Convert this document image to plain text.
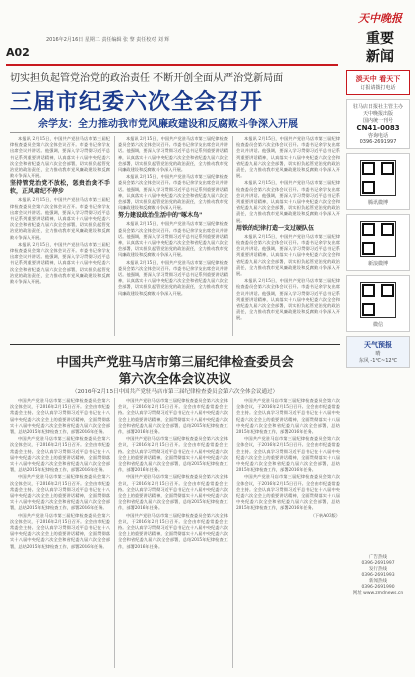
2016年2月16日 星期二 责任编辑 张 黎 责任校对 刘 辉
A02
天中晚报
重要
新闻
切实担负起管党治党的政治责任 不断开创全面从严治党新局面
三届市纪委六次全会召开
余学友：全力推动我市党风廉政建设和反腐败斗争深入开展

本报讯 2月15日，中国共产党驻马店市第三届纪律检查委员会第六次全体会议召开。市委书记余学友出席会议并讲话。他强调，要深入学习贯彻习近平总书记系列重要讲话精神，认真落实十八届中央纪委六次全会和省纪委九届六次全会部署，切实担负起管党治党的政治责任，全力推动我市党风廉政建设和反腐败斗争深入开展。

坚持管党治党不放松，惩贵治贪不手软，正风肃纪不停步

本报讯 2月15日，中国共产党驻马店市第三届纪律检查委员会第六次全体会议召开。市委书记余学友出席会议并讲话。他强调，要深入学习贯彻习近平总书记系列重要讲话精神，认真落实十八届中央纪委六次全会和省纪委九届六次全会部署，切实担负起管党治党的政治责任，全力推动我市党风廉政建设和反腐败斗争深入开展。

本报讯 2月15日，中国共产党驻马店市第三届纪律检查委员会第六次全体会议召开。市委书记余学友出席会议并讲话。他强调，要深入学习贯彻习近平总书记系列重要讲话精神，认真落实十八届中央纪委六次全会和省纪委九届六次全会部署，切实担负起管党治党的政治责任，全力推动我市党风廉政建设和反腐败斗争深入开展。

本报讯 2月15日，中国共产党驻马店市第三届纪律检查委员会第六次全体会议召开。市委书记余学友出席会议并讲话。他强调，要深入学习贯彻习近平总书记系列重要讲话精神，认真落实十八届中央纪委六次全会和省纪委九届六次全会部署，切实担负起管党治党的政治责任，全力推动我市党风廉政建设和反腐败斗争深入开展。

本报讯 2月15日，中国共产党驻马店市第三届纪律检查委员会第六次全体会议召开。市委书记余学友出席会议并讲话。他强调，要深入学习贯彻习近平总书记系列重要讲话精神，认真落实十八届中央纪委六次全会和省纪委九届六次全会部署，切实担负起管党治党的政治责任，全力推动我市党风廉政建设和反腐败斗争深入开展。

努力建设政治生活中的"啄木鸟"

本报讯 2月15日，中国共产党驻马店市第三届纪律检查委员会第六次全体会议召开。市委书记余学友出席会议并讲话。他强调，要深入学习贯彻习近平总书记系列重要讲话精神，认真落实十八届中央纪委六次全会和省纪委九届六次全会部署，切实担负起管党治党的政治责任，全力推动我市党风廉政建设和反腐败斗争深入开展。

本报讯 2月15日，中国共产党驻马店市第三届纪律检查委员会第六次全体会议召开。市委书记余学友出席会议并讲话。他强调，要深入学习贯彻习近平总书记系列重要讲话精神，认真落实十八届中央纪委六次全会和省纪委九届六次全会部署，切实担负起管党治党的政治责任，全力推动我市党风廉政建设和反腐败斗争深入开展。

本报讯 2月15日，中国共产党驻马店市第三届纪律检查委员会第六次全体会议召开。市委书记余学友出席会议并讲话。他强调，要深入学习贯彻习近平总书记系列重要讲话精神，认真落实十八届中央纪委六次全会和省纪委九届六次全会部署，切实担负起管党治党的政治责任，全力推动我市党风廉政建设和反腐败斗争深入开展。

本报讯 2月15日，中国共产党驻马店市第三届纪律检查委员会第六次全体会议召开。市委书记余学友出席会议并讲话。他强调，要深入学习贯彻习近平总书记系列重要讲话精神，认真落实十八届中央纪委六次全会和省纪委九届六次全会部署，切实担负起管党治党的政治责任，全力推动我市党风廉政建设和反腐败斗争深入开展。

用铁的纪律打造一支过硬队伍

本报讯 2月15日，中国共产党驻马店市第三届纪律检查委员会第六次全体会议召开。市委书记余学友出席会议并讲话。他强调，要深入学习贯彻习近平总书记系列重要讲话精神，认真落实十八届中央纪委六次全会和省纪委九届六次全会部署，切实担负起管党治党的政治责任，全力推动我市党风廉政建设和反腐败斗争深入开展。

本报讯 2月15日，中国共产党驻马店市第三届纪律检查委员会第六次全体会议召开。市委书记余学友出席会议并讲话。他强调，要深入学习贯彻习近平总书记系列重要讲话精神，认真落实十八届中央纪委六次全会和省纪委九届六次全会部署，切实担负起管党治党的政治责任，全力推动我市党风廉政建设和反腐败斗争深入开展。

中国共产党驻马店市第三届纪律检查委员会
第六次全体会议决议
（2016年2月15日中国共产党驻马店市第三届纪律检查委员会第六次全体会议通过）

中国共产党驻马店市第三届纪律检查委员会第六次全体会议，于2016年2月15日召开。全会由市纪委常委会主持。全会认真学习贯彻习近平总书记在十八届中央纪委六次全会上的重要讲话精神，全面贯彻落实十八届中央纪委六次全会和省纪委九届六次全会部署，总结2015年纪律检查工作，部署2016年任务。

中国共产党驻马店市第三届纪律检查委员会第六次全体会议，于2016年2月15日召开。全会由市纪委常委会主持。全会认真学习贯彻习近平总书记在十八届中央纪委六次全会上的重要讲话精神，全面贯彻落实十八届中央纪委六次全会和省纪委九届六次全会部署，总结2015年纪律检查工作，部署2016年任务。

中国共产党驻马店市第三届纪律检查委员会第六次全体会议，于2016年2月15日召开。全会由市纪委常委会主持。全会认真学习贯彻习近平总书记在十八届中央纪委六次全会上的重要讲话精神，全面贯彻落实十八届中央纪委六次全会和省纪委九届六次全会部署，总结2015年纪律检查工作，部署2016年任务。

中国共产党驻马店市第三届纪律检查委员会第六次全体会议，于2016年2月15日召开。全会由市纪委常委会主持。全会认真学习贯彻习近平总书记在十八届中央纪委六次全会上的重要讲话精神，全面贯彻落实十八届中央纪委六次全会和省纪委九届六次全会部署，总结2015年纪律检查工作，部署2016年任务。

中国共产党驻马店市第三届纪律检查委员会第六次全体会议，于2016年2月15日召开。全会由市纪委常委会主持。全会认真学习贯彻习近平总书记在十八届中央纪委六次全会上的重要讲话精神，全面贯彻落实十八届中央纪委六次全会和省纪委九届六次全会部署，总结2015年纪律检查工作，部署2016年任务。

中国共产党驻马店市第三届纪律检查委员会第六次全体会议，于2016年2月15日召开。全会由市纪委常委会主持。全会认真学习贯彻习近平总书记在十八届中央纪委六次全会上的重要讲话精神，全面贯彻落实十八届中央纪委六次全会和省纪委九届六次全会部署，总结2015年纪律检查工作，部署2016年任务。

中国共产党驻马店市第三届纪律检查委员会第六次全体会议，于2016年2月15日召开。全会由市纪委常委会主持。全会认真学习贯彻习近平总书记在十八届中央纪委六次全会上的重要讲话精神，全面贯彻落实十八届中央纪委六次全会和省纪委九届六次全会部署，总结2015年纪律检查工作，部署2016年任务。

中国共产党驻马店市第三届纪律检查委员会第六次全体会议，于2016年2月15日召开。全会由市纪委常委会主持。全会认真学习贯彻习近平总书记在十八届中央纪委六次全会上的重要讲话精神，全面贯彻落实十八届中央纪委六次全会和省纪委九届六次全会部署，总结2015年纪律检查工作，部署2016年任务。

中国共产党驻马店市第三届纪律检查委员会第六次全体会议，于2016年2月15日召开。全会由市纪委常委会主持。全会认真学习贯彻习近平总书记在十八届中央纪委六次全会上的重要讲话精神，全面贯彻落实十八届中央纪委六次全会和省纪委九届六次全会部署，总结2015年纪律检查工作，部署2016年任务。

中国共产党驻马店市第三届纪律检查委员会第六次全体会议，于2016年2月15日召开。全会由市纪委常委会主持。全会认真学习贯彻习近平总书记在十八届中央纪委六次全会上的重要讲话精神，全面贯彻落实十八届中央纪委六次全会和省纪委九届六次全会部署，总结2015年纪律检查工作，部署2016年任务。

中国共产党驻马店市第三届纪律检查委员会第六次全体会议，于2016年2月15日召开。全会由市纪委常委会主持。全会认真学习贯彻习近平总书记在十八届中央纪委六次全会上的重要讲话精神，全面贯彻落实十八届中央纪委六次全会和省纪委九届六次全会部署，总结2015年纪律检查工作，部署2016年任务。

（下转A03版）

淡天中 看天下
订报请拨打电话
驻马店日报社主管主办
天中晚报出版
国内统一刊号
CN41-0083
咨询电话
0396-2691997
腾讯微博
新浪微博
微信
天气预报
晴
东风 -1℃~12℃
广告热线
0396-2691997
发行热线
0396-2691993
新闻热线
0396-2691990
网址 www.zmdnews.cn
